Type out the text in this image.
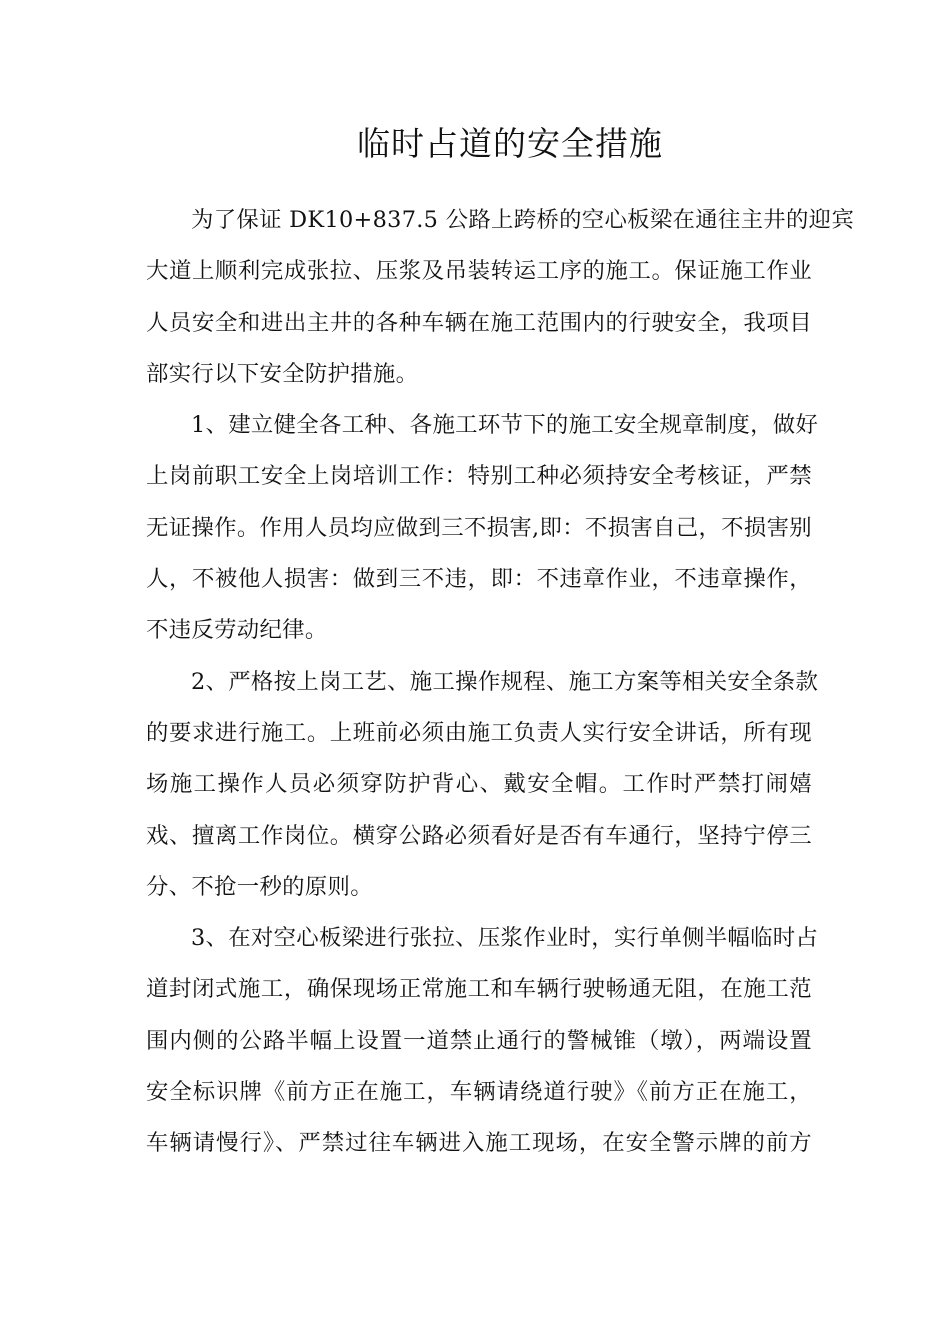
临时占道的安全措施
为了保证 DK10+837.5 公路上跨桥的空心板梁在通往主井的迎宾
大道上顺利完成张拉、压浆及吊装转运工序的施工。保证施工作业
人员安全和进出主井的各种车辆在施工范围内的行驶安全，我项目
部实行以下安全防护措施。
1、建立健全各工种、各施工环节下的施工安全规章制度，做好
上岗前职工安全上岗培训工作：特别工种必须持安全考核证，严禁
无证操作。作用人员均应做到三不损害,即：不损害自己，不损害别
人，不被他人损害：做到三不违，即：不违章作业，不违章操作，
不违反劳动纪律。
2、严格按上岗工艺、施工操作规程、施工方案等相关安全条款
的要求进行施工。上班前必须由施工负责人实行安全讲话，所有现
场施工操作人员必须穿防护背心、戴安全帽。工作时严禁打闹嬉
戏、擅离工作岗位。横穿公路必须看好是否有车通行，坚持宁停三
分、不抢一秒的原则。
3、在对空心板梁进行张拉、压浆作业时，实行单侧半幅临时占
道封闭式施工，确保现场正常施工和车辆行驶畅通无阻，在施工范
围内侧的公路半幅上设置一道禁止通行的警械锥（墩），两端设置
安全标识牌《前方正在施工，车辆请绕道行驶》《前方正在施工，
车辆请慢行》、严禁过往车辆进入施工现场，在安全警示牌的前方
